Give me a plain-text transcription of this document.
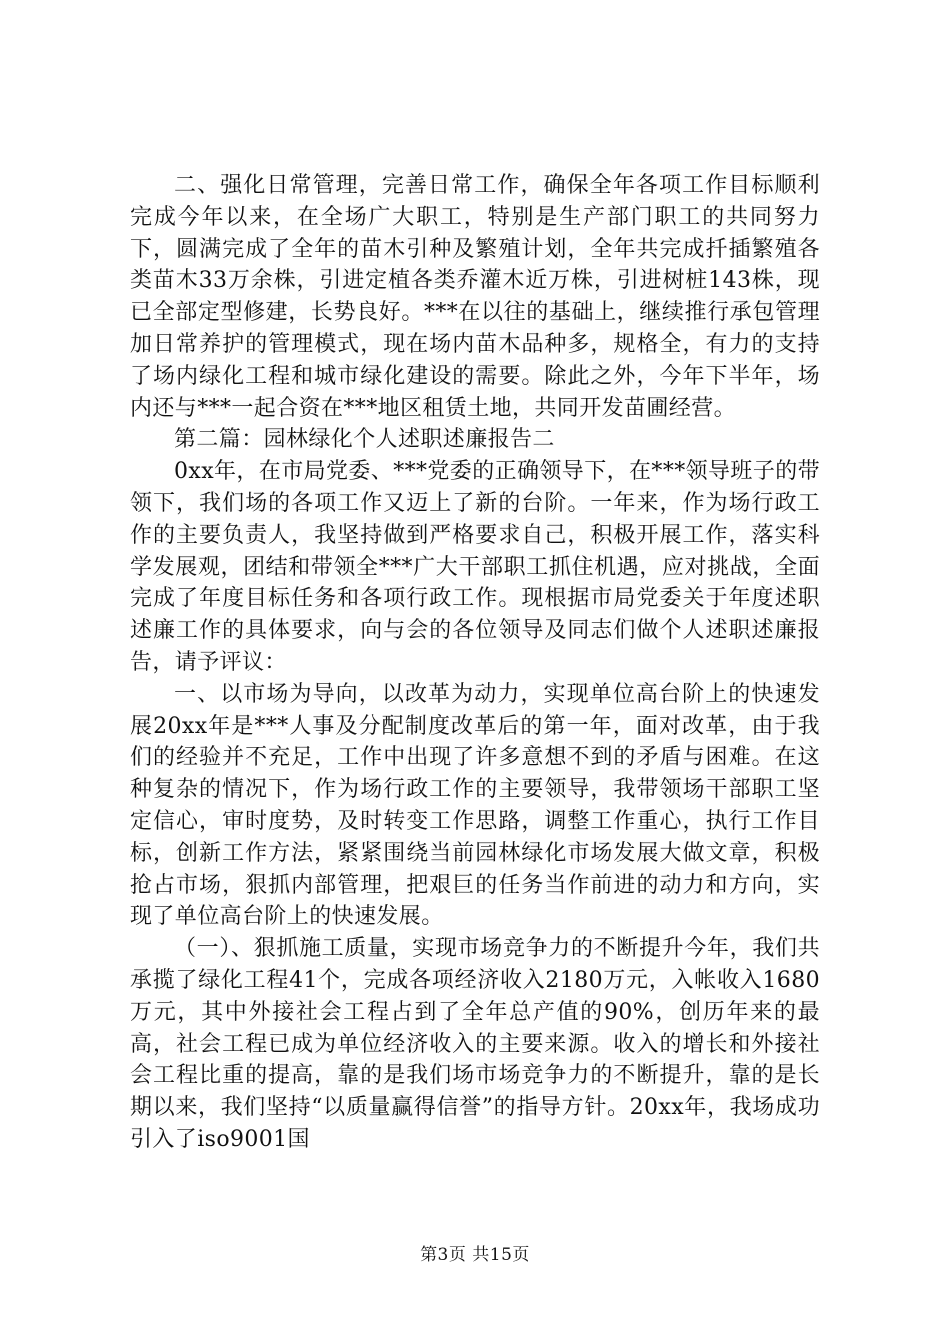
二、强化日常管理，完善日常工作，确保全年各项工作目标顺利完成今年以来，在全场广大职工，特别是生产部门职工的共同努力下，圆满完成了全年的苗木引种及繁殖计划，全年共完成扦插繁殖各类苗木33万余株，引进定植各类乔灌木近万株，引进树桩143株，现已全部定型修建，长势良好。***在以往的基础上，继续推行承包管理加日常养护的管理模式，现在场内苗木品种多，规格全，有力的支持了场内绿化工程和城市绿化建设的需要。除此之外，今年下半年，场内还与***一起合资在***地区租赁土地，共同开发苗圃经营。

第二篇：园林绿化个人述职述廉报告二

0xx年，在市局党委、***党委的正确领导下，在***领导班子的带领下，我们场的各项工作又迈上了新的台阶。一年来，作为场行政工作的主要负责人，我坚持做到严格要求自己，积极开展工作，落实科学发展观，团结和带领全***广大干部职工抓住机遇，应对挑战，全面完成了年度目标任务和各项行政工作。现根据市局党委关于年度述职述廉工作的具体要求，向与会的各位领导及同志们做个人述职述廉报告，请予评议：

一、以市场为导向，以改革为动力，实现单位高台阶上的快速发展20xx年是***人事及分配制度改革后的第一年，面对改革，由于我们的经验并不充足，工作中出现了许多意想不到的矛盾与困难。在这种复杂的情况下，作为场行政工作的主要领导，我带领场干部职工坚定信心，审时度势，及时转变工作思路，调整工作重心，执行工作目标，创新工作方法，紧紧围绕当前园林绿化市场发展大做文章，积极抢占市场，狠抓内部管理，把艰巨的任务当作前进的动力和方向，实现了单位高台阶上的快速发展。

（一）、狠抓施工质量，实现市场竞争力的不断提升今年，我们共承揽了绿化工程41个，完成各项经济收入2180万元，入帐收入1680万元，其中外接社会工程占到了全年总产值的90%，创历年来的最高，社会工程已成为单位经济收入的主要来源。收入的增长和外接社会工程比重的提高，靠的是我们场市场竞争力的不断提升，靠的是长期以来，我们坚持“以质量赢得信誉”的指导方针。20xx年，我场成功引入了iso9001国

第3页 共15页
